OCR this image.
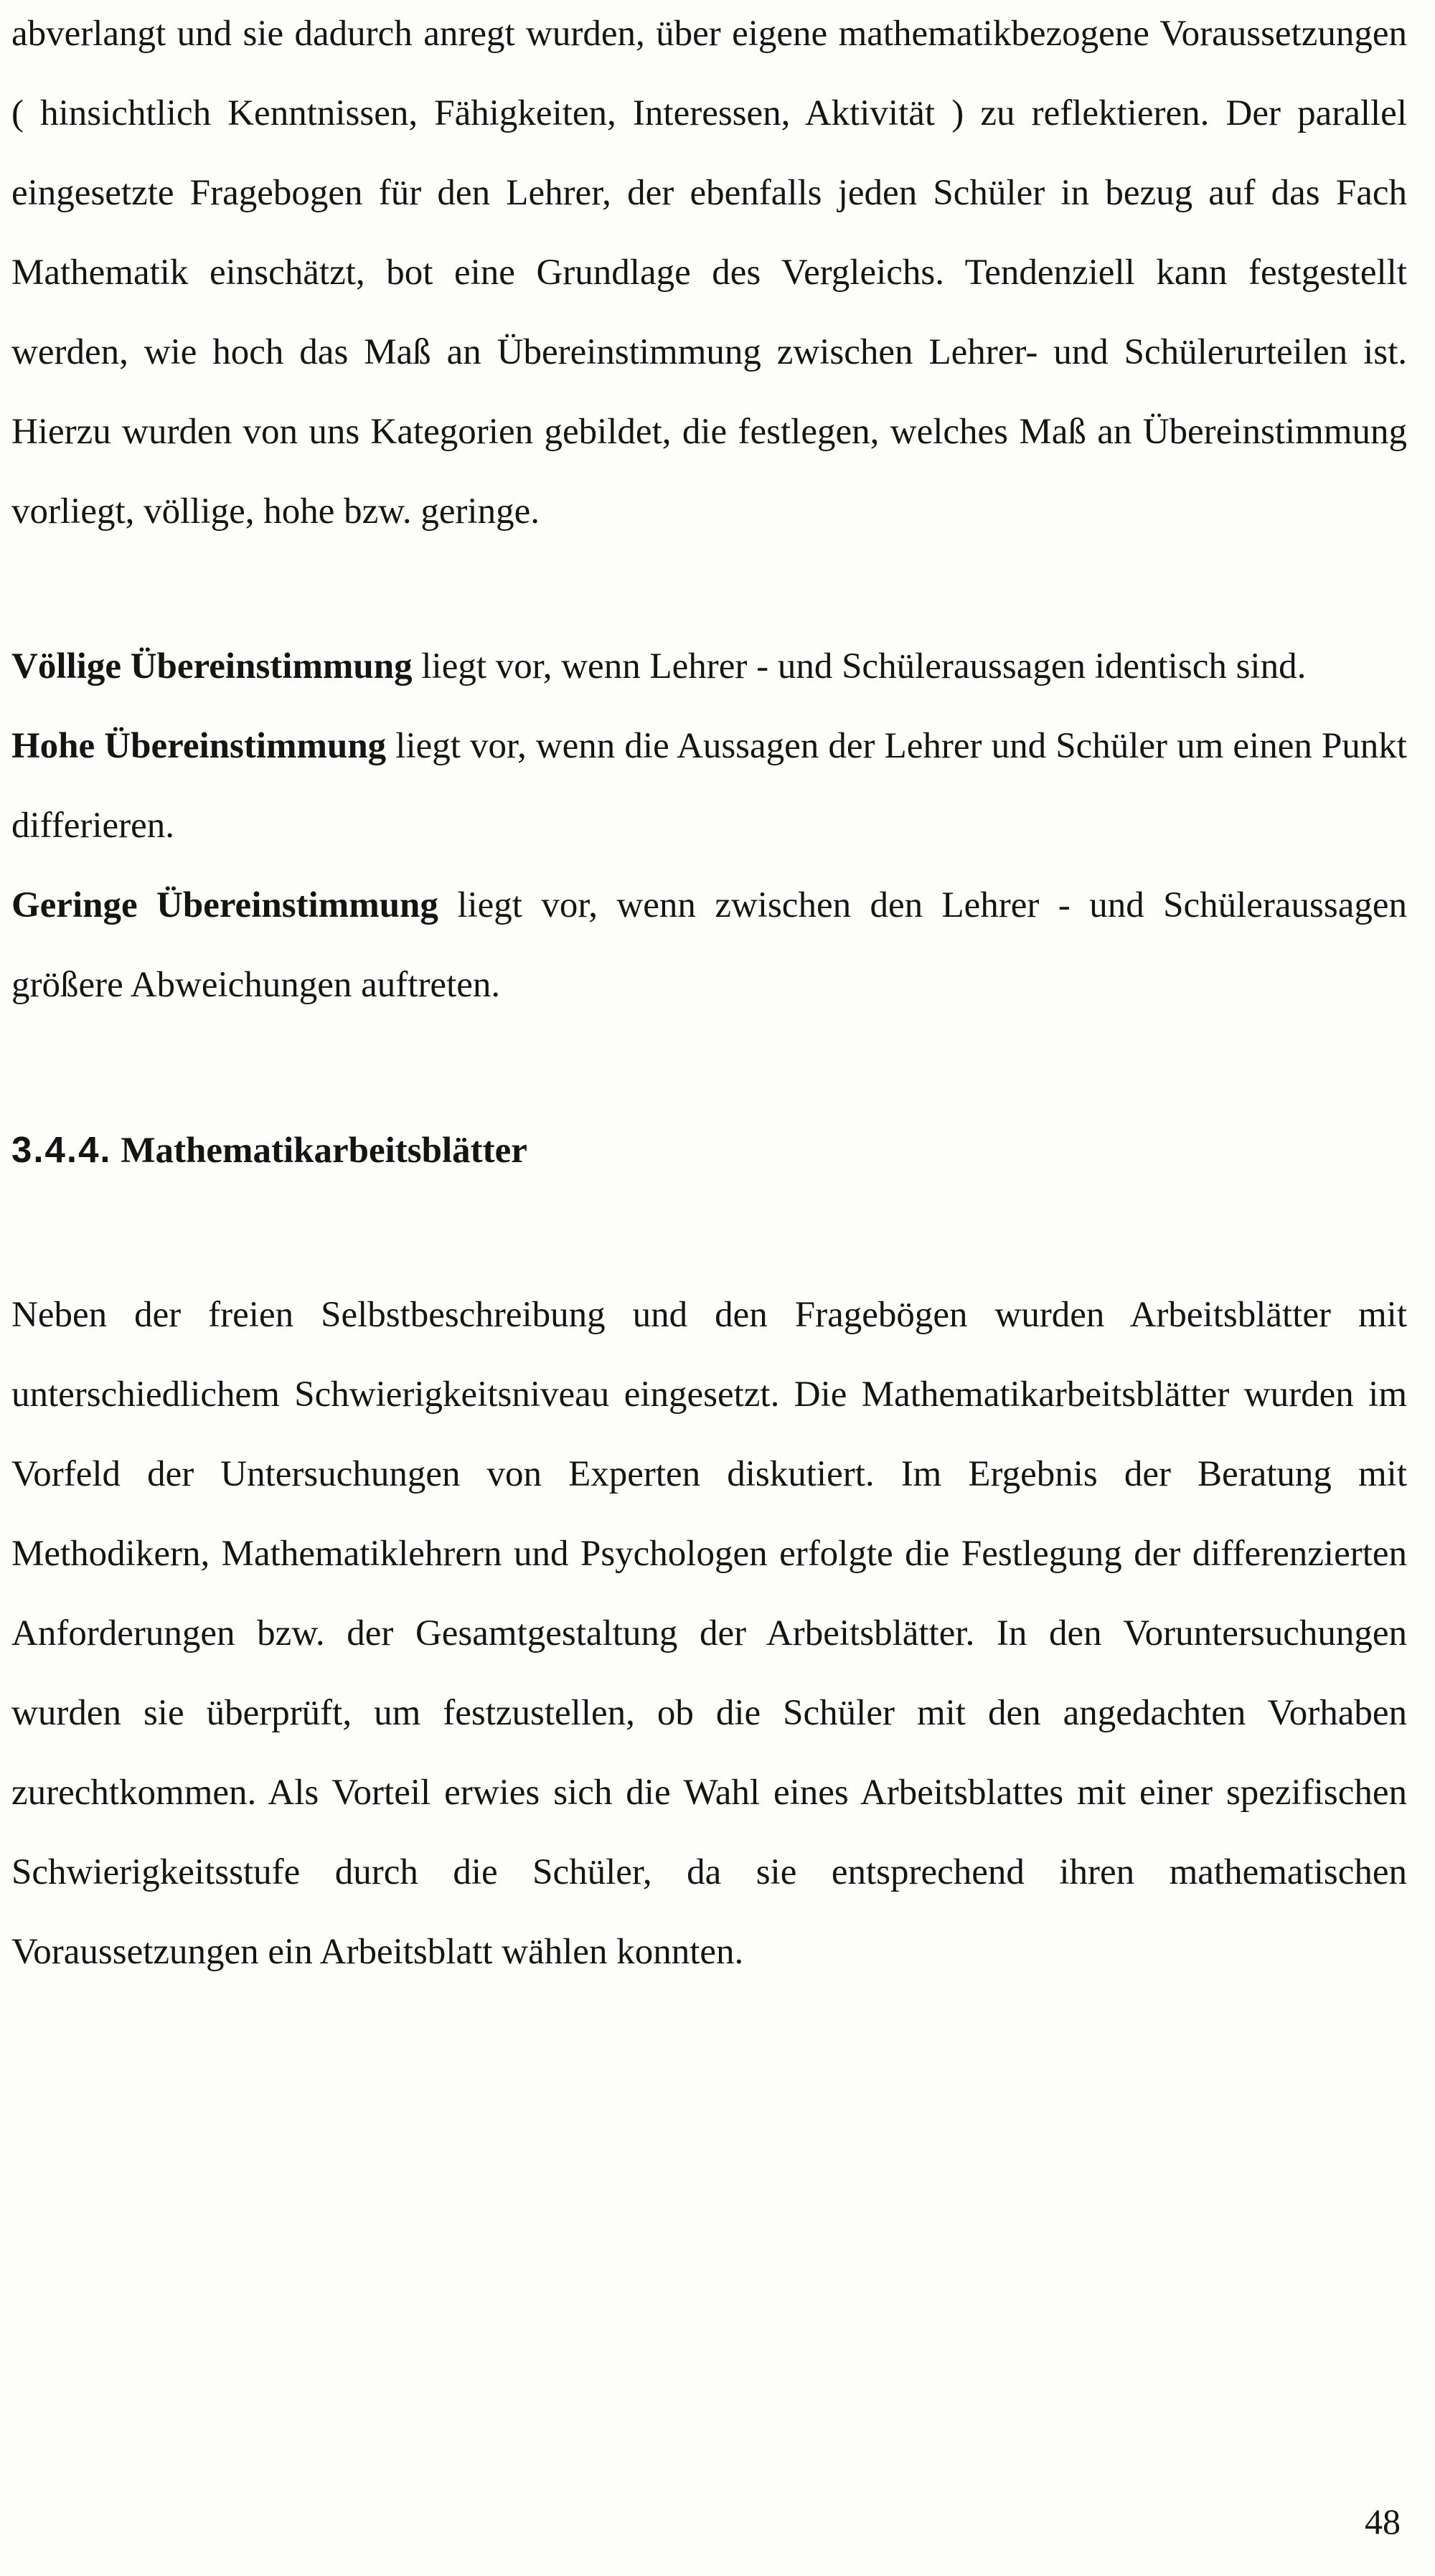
abverlangt und sie dadurch anregt wurden, über eigene mathematikbezogene Voraussetzungen ( hinsichtlich Kenntnissen, Fähigkeiten, Interessen, Aktivität ) zu reflektieren. Der parallel eingesetzte Fragebogen für den Lehrer, der ebenfalls jeden Schüler in bezug auf das Fach Mathematik einschätzt, bot eine Grundlage des Vergleichs. Tendenziell kann festgestellt werden, wie hoch das Maß an Übereinstimmung zwischen Lehrer- und Schülerurteilen ist. Hierzu wurden von uns Kategorien gebildet, die festlegen, welches Maß an Übereinstimmung vorliegt, völlige, hohe bzw. geringe.

Völlige Übereinstimmung liegt vor, wenn Lehrer - und Schüleraussagen identisch sind.

Hohe Übereinstimmung liegt vor, wenn die Aussagen der Lehrer und Schüler um einen Punkt differieren.

Geringe Übereinstimmung liegt vor, wenn zwischen den Lehrer - und Schüleraussagen größere Abweichungen auftreten.

3.4.4. Mathematikarbeitsblätter

Neben der freien Selbstbeschreibung und den Fragebögen wurden Arbeitsblätter mit unterschiedlichem Schwierigkeitsniveau eingesetzt. Die Mathematikarbeitsblätter wurden im Vorfeld der Untersuchungen von Experten diskutiert. Im Ergebnis der Beratung mit Methodikern, Mathematiklehrern und Psychologen erfolgte die Festlegung der differenzierten Anforderungen bzw. der Gesamtgestaltung der Arbeitsblätter. In den Voruntersuchungen wurden sie überprüft, um festzustellen, ob die Schüler mit den angedachten Vorhaben zurechtkommen. Als Vorteil erwies sich die Wahl eines Arbeitsblattes mit einer spezifischen Schwierigkeitsstufe durch die Schüler, da sie entsprechend ihren mathematischen Voraussetzungen ein Arbeitsblatt wählen konnten.

48
